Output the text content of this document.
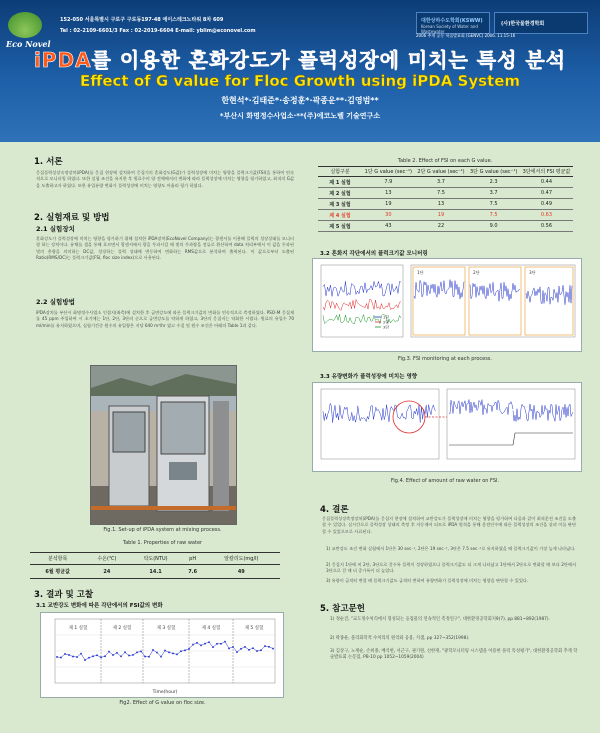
Eco Novel
152-050 서울특별시 구로구 구로동197-48 에이스테크노타워 8차 609
Tel : 02-2109-6601/3 Fax : 02-2019-6604 E-mail: yblim@econovel.com
대한상하수도학회(KSWW)
Korean Society of Water and Wastewater
(사)한국물환경학회
2006 추계 공동 학술발표회 (GENVC) 2006. 11.15-16
iPDA를 이용한 혼화강도가 플럭성장에 미치는 특성 분석
Effect of G value for Floc Growth using iPDA System
한현석*·김태준*·송정훈*·곽종운**·김영범**
*부산시 화명정수사업소·**(주)에코노벨 기술연구소
1. 서론
응집플럭성장속정장치(iPDA)를 응집 현장에 설치하여 응집기의 혼화강도(G값)가 플럭성장에 미치는 영향을 플럭크기값(FSI)을 통하여 연속적으로 모니터링 하였다. 또한 실험 조건을 유지한 후 원료수의 양 전체에서의 변화에 따라 플럭성장에 미치는 영향을 평가하였고, 최적의 G값을 도출하고자 하였다. 또한 유입유량 변화가 플럭성장에 미치는 영향도 아울러 평가 하였다.
2. 실험재료 및 방법
2.1 실험장치
혼화강도가 플럭성장에 미치는 영향을 평가하기 위해 설치한 iPDA장치(EcoNovel Company)는 광센서를 이용해 플럭의 성장상태를 모니터링 하는 장치이다. 유체를 셀을 통해 흐르면서 광센서에서 광을 투과시킬 때 빛의 투과량을 전류로 환산하여 data 처리부에서 이 값을 투과된 빛의 총량을 의미하는 DC값, 성장하는 플럭 상태에 변동하여 변화하는 RMS값으로 분석하여 출력된다. 이 값으로부터 도출된 Ratio(RMS/DC)는 플럭크기값(FSI, floc size index)으로 사용된다.
2.2 실험방법
iPDA장치를 부산시 화명정수사업소 인접지(좌측)에 설치한 후 급변강도에 따른 플럭크기값의 변화를 연속적으로 측정하였다. PSO-M 응집제를 45 ppm 주입하여 시 초기에는 1단, 2단, 3단의 순으로 급변강도를 약하게 하였고, 3단의 응집지는 약화한 시켰다. 원료의 유입수 70 ml/min를 유지하였으며, 실험기간중 원수의 유입량은 지당 640 m³/hr 였고 수질 및 원수 조건은 아래의 Table 1과 같다.
Fig.1. Set-up of iPDA system at mixing process.
Table 1. Properties of raw water
분석항목	수온(℃)	탁도(NTU)	pH	알칼리도(mg/l)
6월 평균값	24	14.1	7.6	49
3. 결과 및 고찰
3.1 교반강도 변화에 따른 각단에서의 FSI값의 변화
제 1 실험	제 2 실험	제 3 실험	제 4 실험	제 5 실험
Time(hour)
Fig2. Effect of G value on floc size.
Table 2. Effect of FSI on each G value.
실험구분	1단 G value (sec⁻¹)	2단 G value (sec⁻¹)	3단 G value (sec⁻¹)	3단에서의 FSI 평균값
제 1 실험	7.9	3.7	2.3	0.44
제 2 실험	13	7.5	3.7	0.47
제 3 실험	19	13	7.5	0.49
제 4 실험	30	19	7.5	0.63
제 5 실험	43	22	9.0	0.56
3.2 혼화지 각단에서의 플럭크기값 모니터링
1단
2단
3단
1단	2단	3단
Fig.3. FSI monitoring at each process.
3.3 유량변화가 플럭성장에 미치는 영향
Fig.4. Effect of amount of raw water on FSI.
4. 결론
응집플럭성장측정장치(iPDA)를 응집지 현장에 설치하여 교반강도가 플럭성장에 미치는 영향을 평가하여 다음과 같이 최적운전 조건을 도출할 수 있었다. 실시간으로 플럭성장 상태의 측정 후 자동제어 되므로 iPDA 원격을 통해 운전인수에 따른 플럭성장의 조건을 살펴 이를 판단할 수 있었으므로 사료된다.
1) 교반강도 조건 변화 실험에서 1단은 30 sec⁻¹, 2단은 19 sec⁻¹, 3단은 7.5 sec⁻¹로 유지하였을 때 플럭크기값이 가장 높게 나타났다.
2) 응집지 1단에 비 2단, 3단으로 갈수록 플럭이 성장하였으나 플럭크기값도 더 크게 나타났고 1단에서 2단으로 변화할 때 보다 2단에서 3단으로 갈 때 더 증가폭이 더 높았다.
3) 유량이 급격히 변할 때 플럭크기값도 급격히 변하여 유량변화가 플럭성장에 미치는 영향을 판단할 수 있었다.
5. 참고문헌
1) 정순진, "교도정수처리에서 형성되는 응집물의 연속적인 측정연구", 대한환경공학회지9(7), pp 881~892(1987).
2) 곽종운, 물리화학적 수처리의 원리와 응용, 지샘, pp 327~352(1998).
3) 김상구, 노재순, 손희종, 배석현, 서근구, 권기원, 신한재, "광학모니터링 시스템을 이용한 플럭 특성평가", 대한환경공학회 추계 학술발표회 논문집, PB-10 pp 1052~1059(2004)
